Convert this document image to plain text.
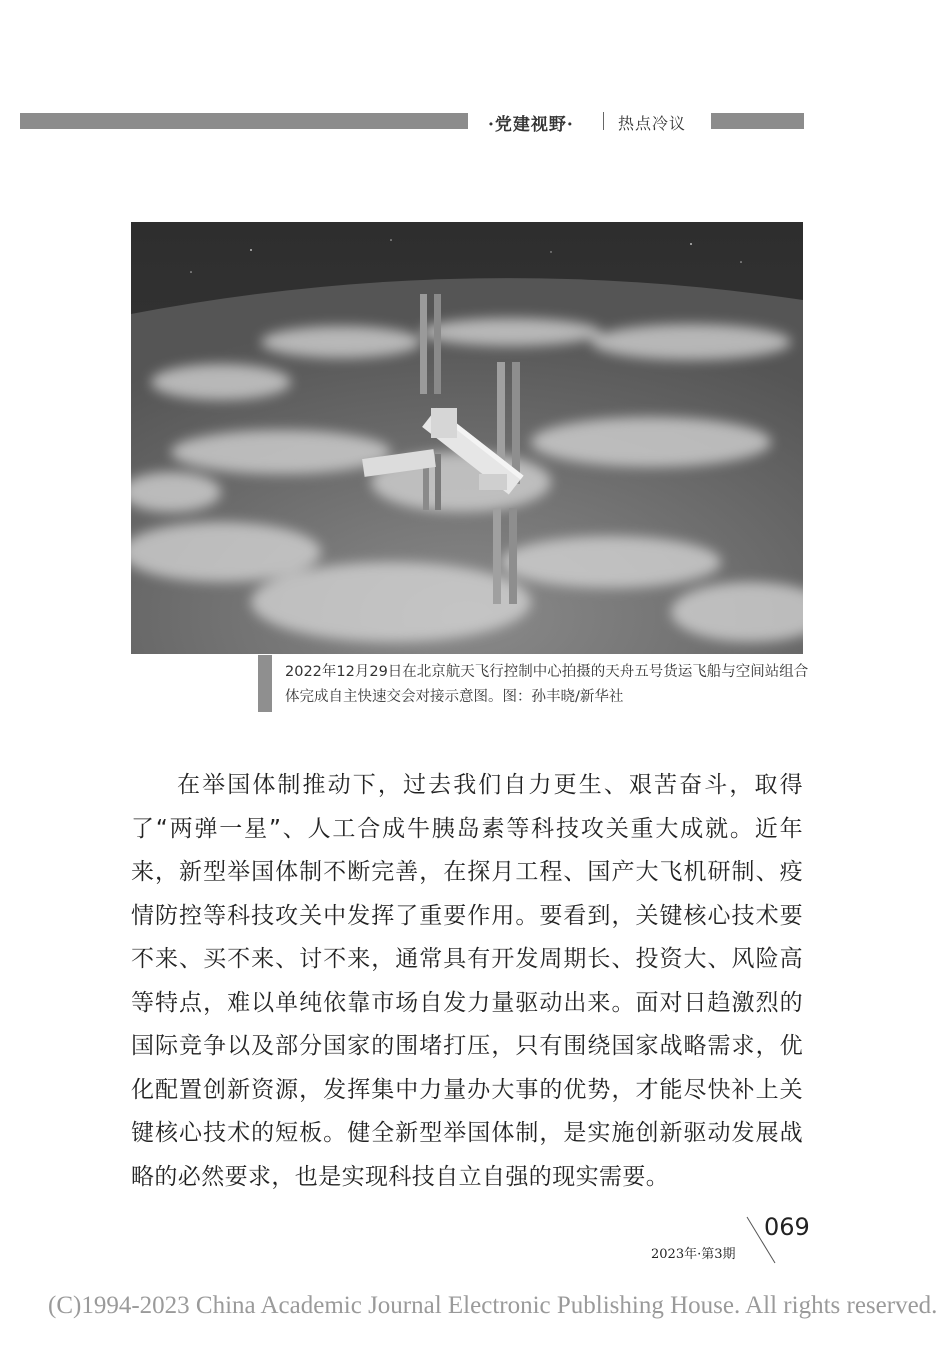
·党建视野·	热点冷议

2022年12月29日在北京航天飞行控制中心拍摄的天舟五号货运飞船与空间站组合体完成自主快速交会对接示意图。图：孙丰晓/新华社

在举国体制推动下，过去我们自力更生、艰苦奋斗，取得了“两弹一星”、人工合成牛胰岛素等科技攻关重大成就。近年来，新型举国体制不断完善，在探月工程、国产大飞机研制、疫情防控等科技攻关中发挥了重要作用。要看到，关键核心技术要不来、买不来、讨不来，通常具有开发周期长、投资大、风险高等特点，难以单纯依靠市场自发力量驱动出来。面对日趋激烈的国际竞争以及部分国家的围堵打压，只有围绕国家战略需求，优化配置创新资源，发挥集中力量办大事的优势，才能尽快补上关键核心技术的短板。健全新型举国体制，是实施创新驱动发展战略的必然要求，也是实现科技自立自强的现实需要。

069
2023年·第3期
(C)1994-2023 China Academic Journal Electronic Publishing House. All rights reserved.
